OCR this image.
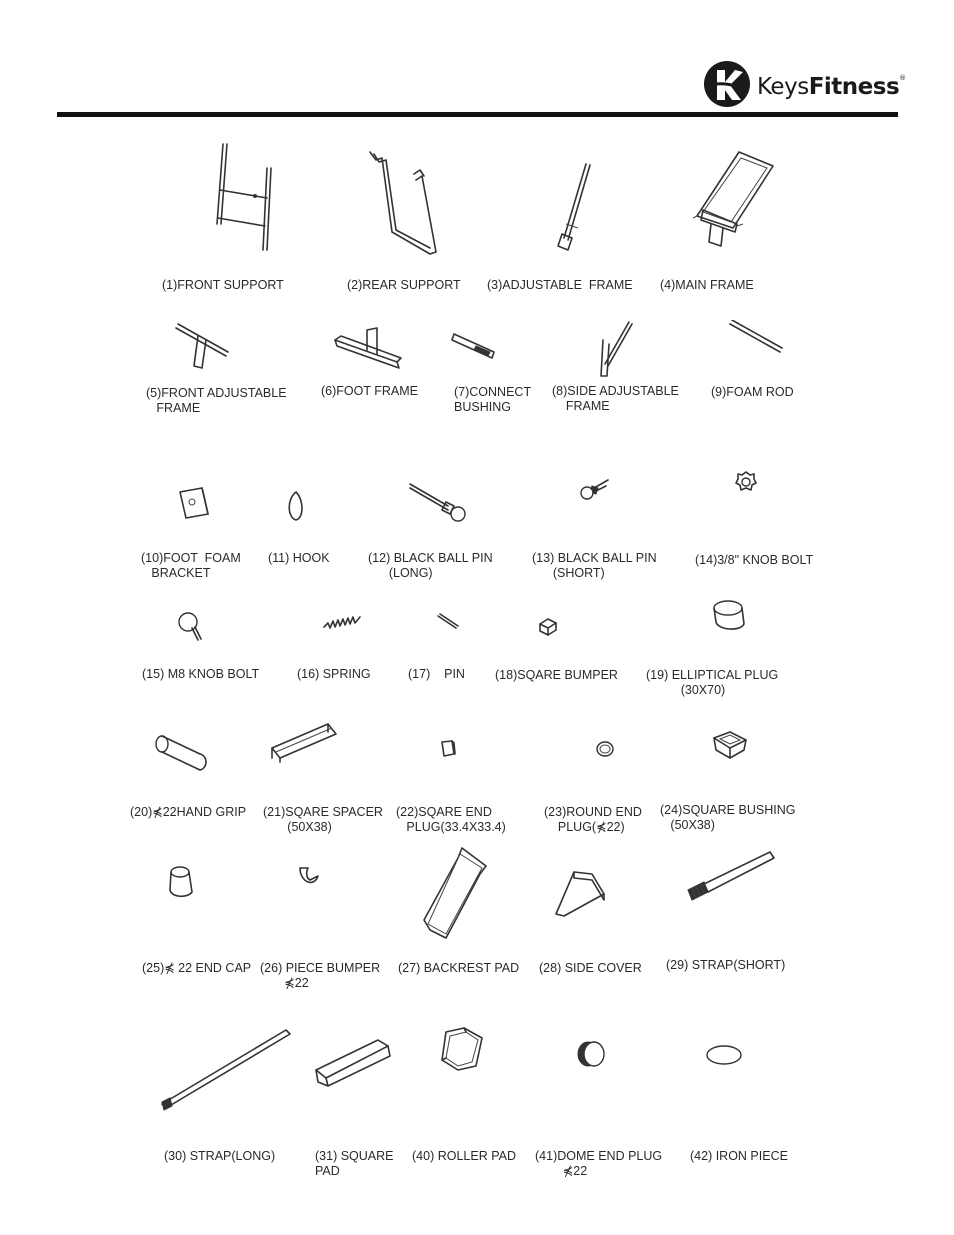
KeysFitness®
(1)FRONT SUPPORT	(2)REAR SUPPORT (3)ADJUSTABLE  FRAME (4)MAIN FRAME
(5)FRONT ADJUSTABLE
FRAME
(6)FOOT FRAME	(7)CONNECT
BUSHING
(8)SIDE ADJUSTABLE
FRAME
(9)FOAM ROD
(10)FOOT  FOAM
BRACKET
(11) HOOK	(12) BLACK BALL PIN
(LONG)
(13) BLACK BALL PIN
(SHORT)
(14)3/8" KNOB BOLT
(15) M8 KNOB BOLT	(16) SPRING	(17)    PIN (18)SQARE BUMPER (19) ELLIPTICAL PLUG
(30X70)
(20)⋠22HAND GRIP (21)SQARE SPACER
(50X38)
(22)SQARE END
PLUG(33.4X33.4)
(23)ROUND END
PLUG(⋠22)
(24)SQUARE BUSHING
(50X38)
(25)⋠ 22 END CAP (26) PIECE BUMPER
⋠22
(27) BACKREST PAD (28) SIDE COVER (29) STRAP(SHORT)
(30) STRAP(LONG)	(31) SQUARE
PAD
(40) ROLLER PAD (41)DOME END PLUG
⋠22
(42) IRON PIECE
